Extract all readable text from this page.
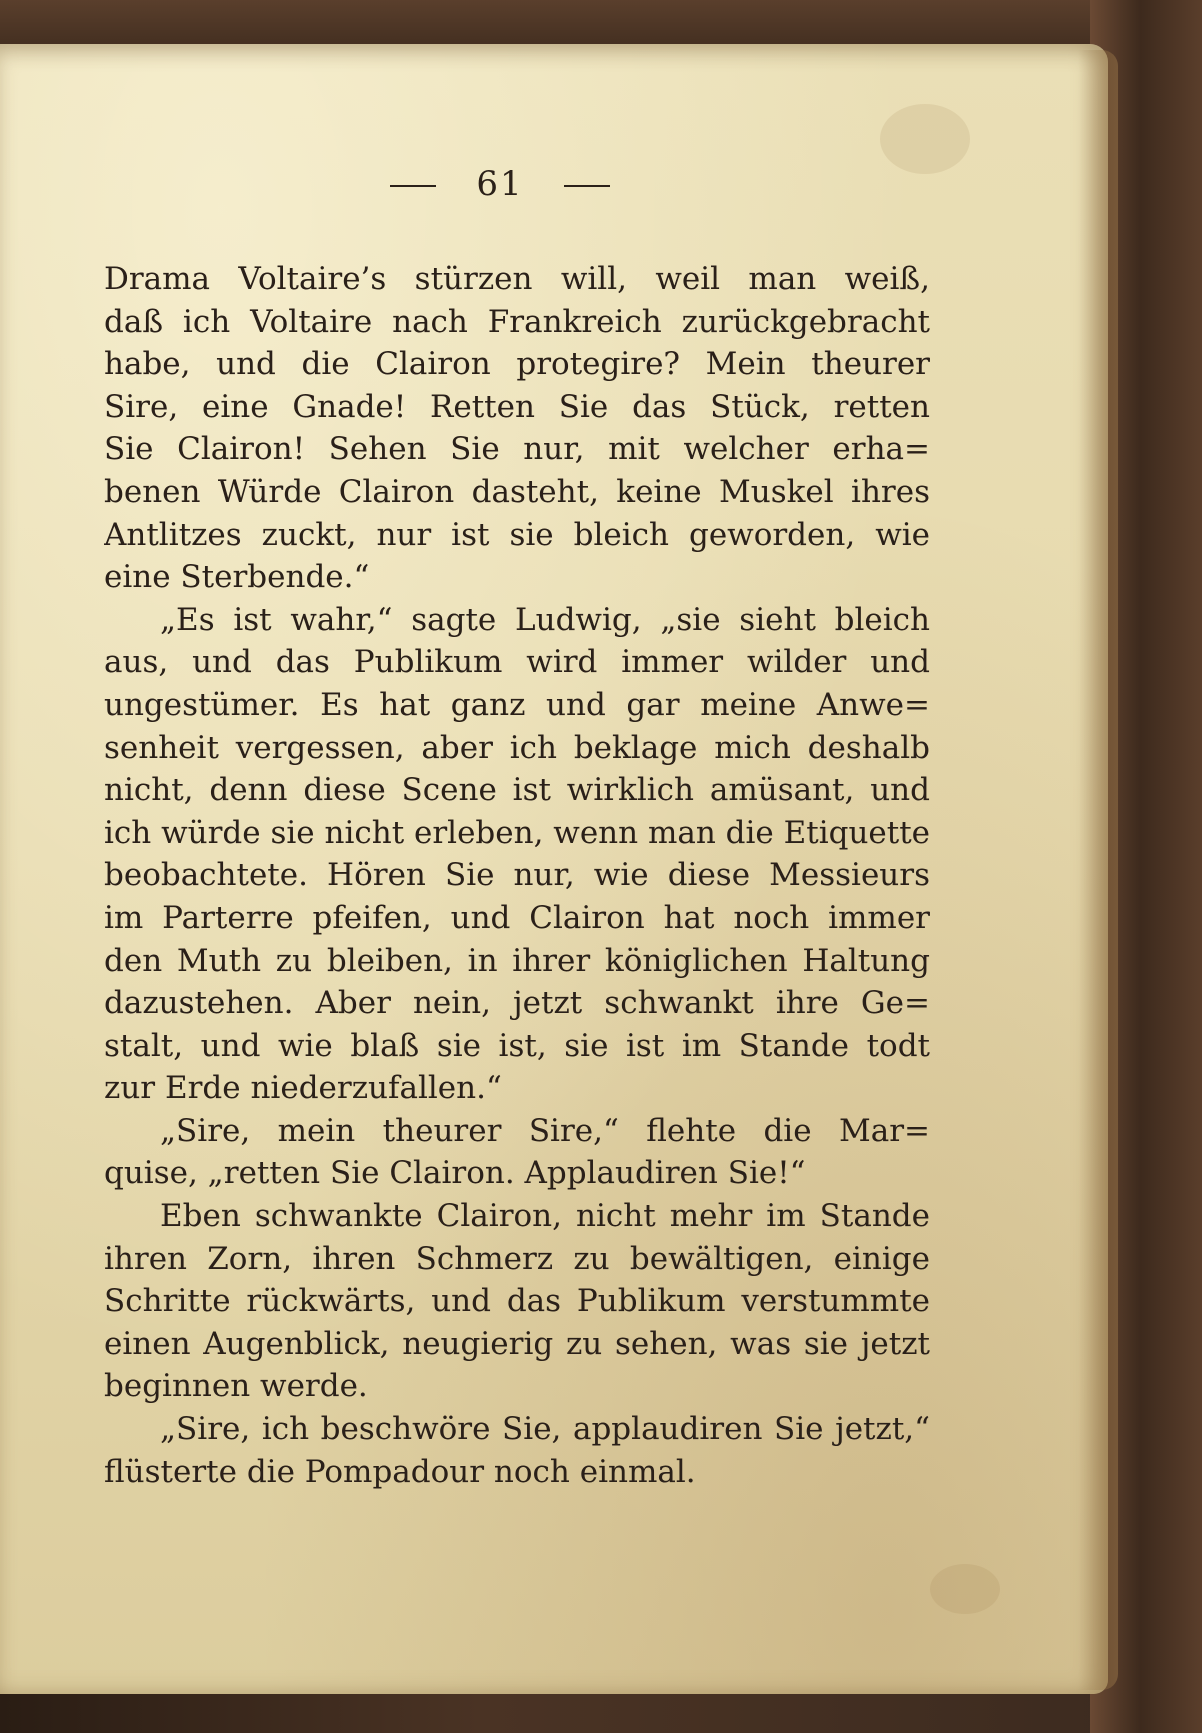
61
Drama Voltaire’s stürzen will, weil man weiß,
daß ich Voltaire nach Frankreich zurückgebracht
habe, und die Clairon protegire? Mein theurer
Sire, eine Gnade! Retten Sie das Stück, retten
Sie Clairon! Sehen Sie nur, mit welcher erha=
benen Würde Clairon dasteht, keine Muskel ihres
Antlitzes zuckt, nur ist sie bleich geworden, wie
eine Sterbende.“
„Es ist wahr,“ sagte Ludwig, „sie sieht bleich
aus, und das Publikum wird immer wilder und
ungestümer. Es hat ganz und gar meine Anwe=
senheit vergessen, aber ich beklage mich deshalb
nicht, denn diese Scene ist wirklich amüsant, und
ich würde sie nicht erleben, wenn man die Etiquette
beobachtete. Hören Sie nur, wie diese Messieurs
im Parterre pfeifen, und Clairon hat noch immer
den Muth zu bleiben, in ihrer königlichen Haltung
dazustehen. Aber nein, jetzt schwankt ihre Ge=
stalt, und wie blaß sie ist, sie ist im Stande todt
zur Erde niederzufallen.“
„Sire, mein theurer Sire,“ flehte die Mar=
quise, „retten Sie Clairon. Applaudiren Sie!“
Eben schwankte Clairon, nicht mehr im Stande
ihren Zorn, ihren Schmerz zu bewältigen, einige
Schritte rückwärts, und das Publikum verstummte
einen Augenblick, neugierig zu sehen, was sie jetzt
beginnen werde.
„Sire, ich beschwöre Sie, applaudiren Sie jetzt,“
flüsterte die Pompadour noch einmal.
